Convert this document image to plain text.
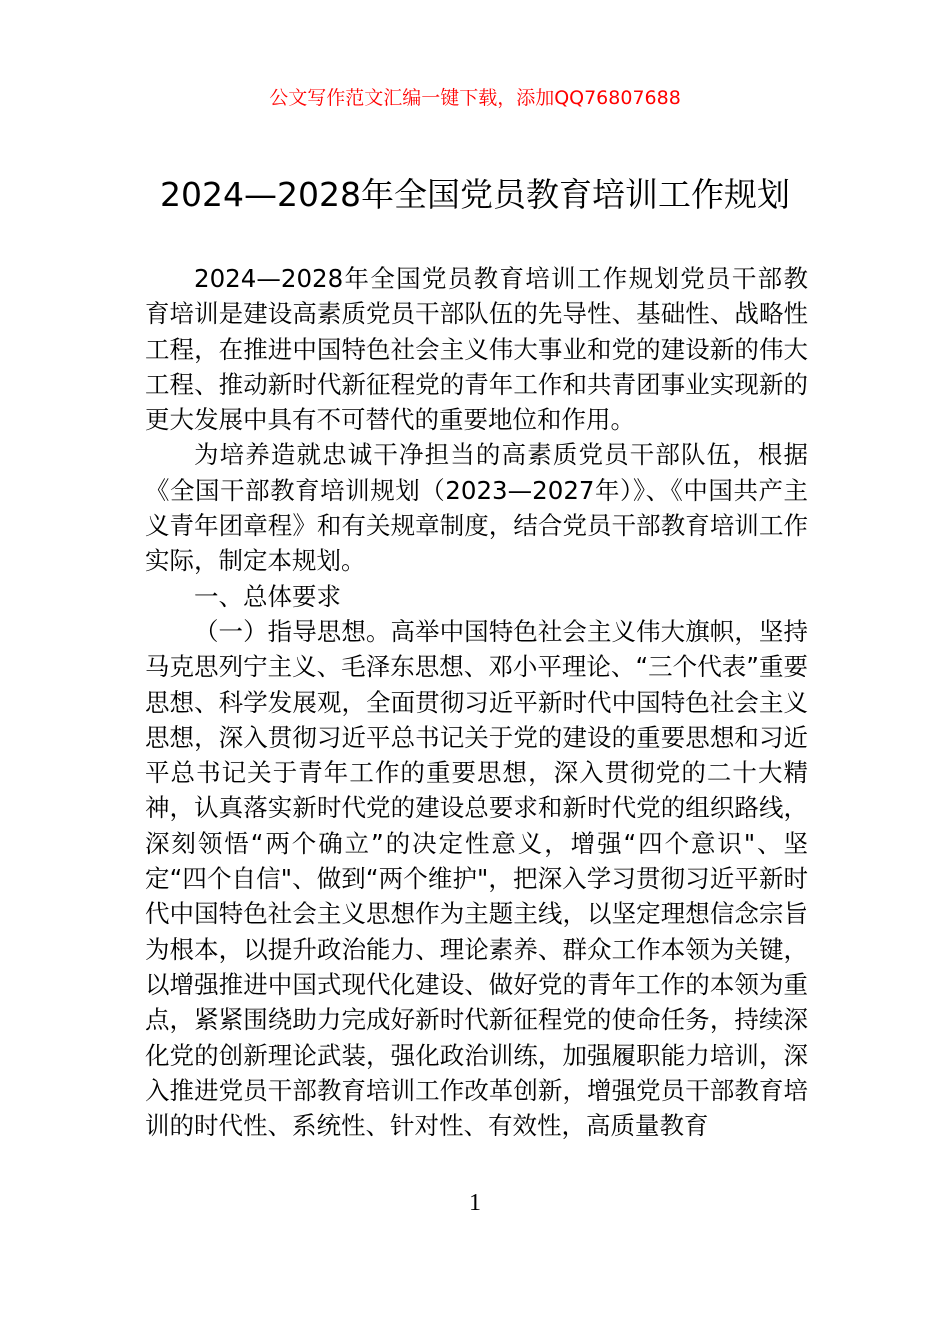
公文写作范文汇编一键下载，添加QQ76807688
2024—2028年全国党员教育培训工作规划

2024—2028年全国党员教育培训工作规划党员干部教育培训是建设高素质党员干部队伍的先导性、基础性、战略性工程，在推进中国特色社会主义伟大事业和党的建设新的伟大工程、推动新时代新征程党的青年工作和共青团事业实现新的更大发展中具有不可替代的重要地位和作用。

为培养造就忠诚干净担当的高素质党员干部队伍，根据《全国干部教育培训规划（2023—2027年）》、《中国共产主义青年团章程》和有关规章制度，结合党员干部教育培训工作实际，制定本规划。

一、总体要求

（一）指导思想。高举中国特色社会主义伟大旗帜，坚持马克思列宁主义、毛泽东思想、邓小平理论、“三个代表”重要思想、科学发展观，全面贯彻习近平新时代中国特色社会主义思想，深入贯彻习近平总书记关于党的建设的重要思想和习近平总书记关于青年工作的重要思想，深入贯彻党的二十大精神，认真落实新时代党的建设总要求和新时代党的组织路线，深刻领悟“两个确立”的决定性意义，增强“四个意识"、坚定“四个自信"、做到“两个维护"，把深入学习贯彻习近平新时代中国特色社会主义思想作为主题主线，以坚定理想信念宗旨为根本，以提升政治能力、理论素养、群众工作本领为关键，以增强推进中国式现代化建设、做好党的青年工作的本领为重点，紧紧围绕助力完成好新时代新征程党的使命任务，持续深化党的创新理论武装，强化政治训练，加强履职能力培训，深入推进党员干部教育培训工作改革创新，增强党员干部教育培训的时代性、系统性、针对性、有效性，高质量教育

1
